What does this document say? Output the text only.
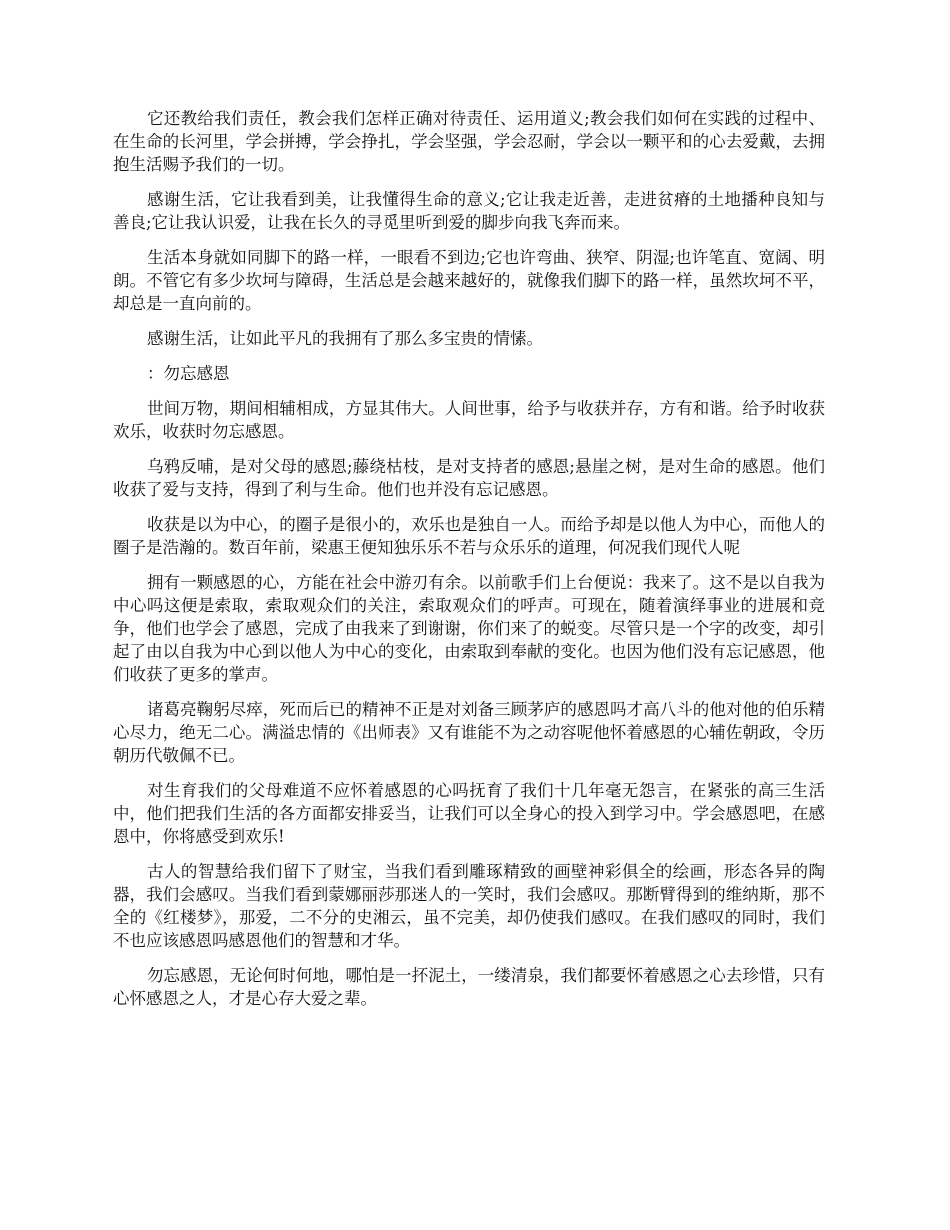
它还教给我们责任，教会我们怎样正确对待责任、运用道义;教会我们如何在实践的过程中、在生命的长河里，学会拼搏，学会挣扎，学会坚强，学会忍耐，学会以一颗平和的心去爱戴，去拥抱生活赐予我们的一切。

感谢生活，它让我看到美，让我懂得生命的意义;它让我走近善，走进贫瘠的土地播种良知与善良;它让我认识爱，让我在长久的寻觅里听到爱的脚步向我飞奔而来。

生活本身就如同脚下的路一样，一眼看不到边;它也许弯曲、狭窄、阴湿;也许笔直、宽阔、明朗。不管它有多少坎坷与障碍，生活总是会越来越好的，就像我们脚下的路一样，虽然坎坷不平，却总是一直向前的。

感谢生活，让如此平凡的我拥有了那么多宝贵的情愫。

：勿忘感恩

世间万物，期间相辅相成，方显其伟大。人间世事，给予与收获并存，方有和谐。给予时收获欢乐，收获时勿忘感恩。

乌鸦反哺，是对父母的感恩;藤绕枯枝，是对支持者的感恩;悬崖之树，是对生命的感恩。他们收获了爱与支持，得到了利与生命。他们也并没有忘记感恩。

收获是以为中心，的圈子是很小的，欢乐也是独自一人。而给予却是以他人为中心，而他人的圈子是浩瀚的。数百年前，梁惠王便知独乐乐不若与众乐乐的道理，何况我们现代人呢

拥有一颗感恩的心，方能在社会中游刃有余。以前歌手们上台便说：我来了。这不是以自我为中心吗这便是索取，索取观众们的关注，索取观众们的呼声。可现在，随着演绎事业的进展和竞争，他们也学会了感恩，完成了由我来了到谢谢，你们来了的蜕变。尽管只是一个字的改变，却引起了由以自我为中心到以他人为中心的变化，由索取到奉献的变化。也因为他们没有忘记感恩，他们收获了更多的掌声。

诸葛亮鞠躬尽瘁，死而后已的精神不正是对刘备三顾茅庐的感恩吗才高八斗的他对他的伯乐精心尽力，绝无二心。满溢忠情的《出师表》又有谁能不为之动容呢他怀着感恩的心辅佐朝政，令历朝历代敬佩不已。

对生育我们的父母难道不应怀着感恩的心吗抚育了我们十几年毫无怨言，在紧张的高三生活中，他们把我们生活的各方面都安排妥当，让我们可以全身心的投入到学习中。学会感恩吧，在感恩中，你将感受到欢乐!

古人的智慧给我们留下了财宝，当我们看到雕琢精致的画壁神彩俱全的绘画，形态各异的陶器，我们会感叹。当我们看到蒙娜丽莎那迷人的一笑时，我们会感叹。那断臂得到的维纳斯，那不全的《红楼梦》，那爱，二不分的史湘云，虽不完美，却仍使我们感叹。在我们感叹的同时，我们不也应该感恩吗感恩他们的智慧和才华。

勿忘感恩，无论何时何地，哪怕是一抔泥土，一缕清泉，我们都要怀着感恩之心去珍惜，只有心怀感恩之人，才是心存大爱之辈。
